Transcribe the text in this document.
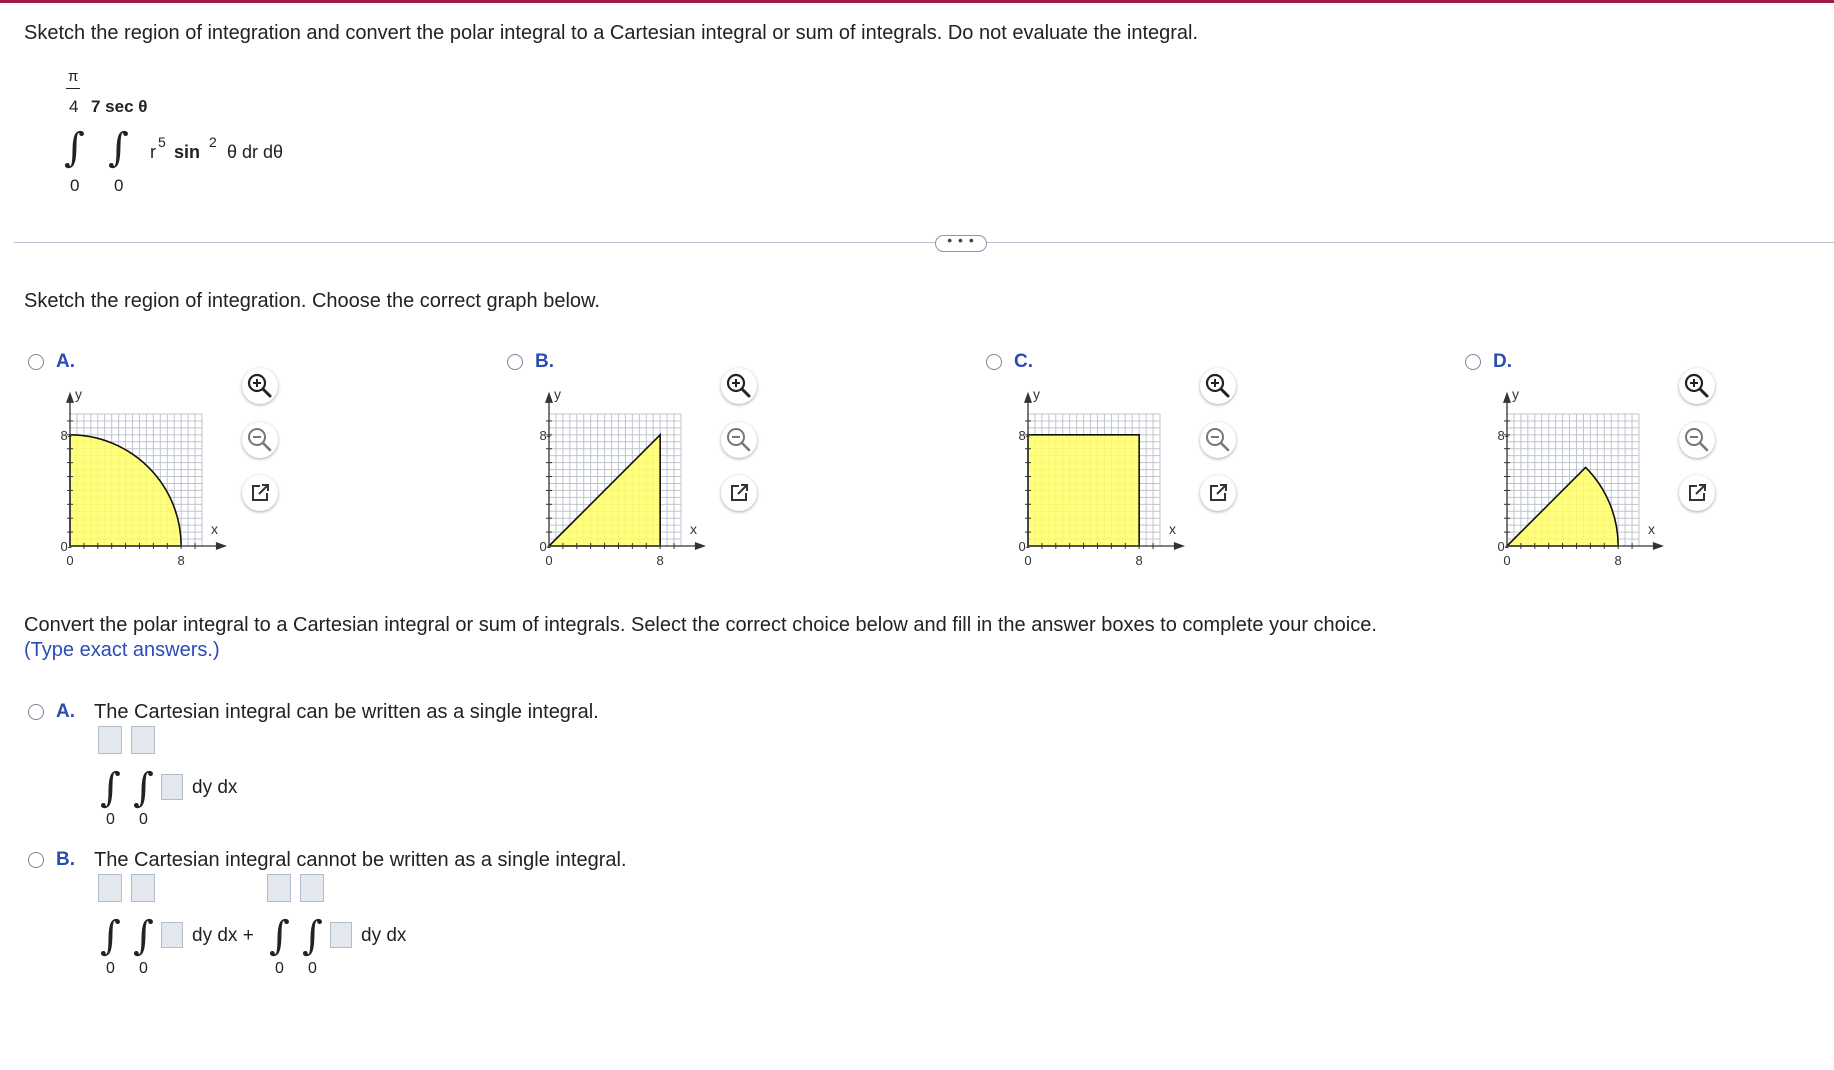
Sketch the region of integration and convert the polar integral to a Cartesian integral or sum of integrals. Do not evaluate the integral.
π
4 7 sec θ
∫ ∫ r 5 sin 2 θ dr dθ
0 0
• • •
Sketch the region of integration. Choose the correct graph below.
A.
y
x
8-
0-
0	8
B.
y
x
8-
0-
0	8
C.
y
x
8-
0-
0	8
D.
y
x
8-
0-
0	8
Convert the polar integral to a Cartesian integral or sum of integrals. Select the correct choice below and fill in the answer boxes to complete your choice.
(Type exact answers.)
A. The Cartesian integral can be written as a single integral.
∫ ∫ dy dx
0 0
B. The Cartesian integral cannot be written as a single integral.
∫ ∫ dy dx +
0 0
∫ ∫ dy dx
0 0
